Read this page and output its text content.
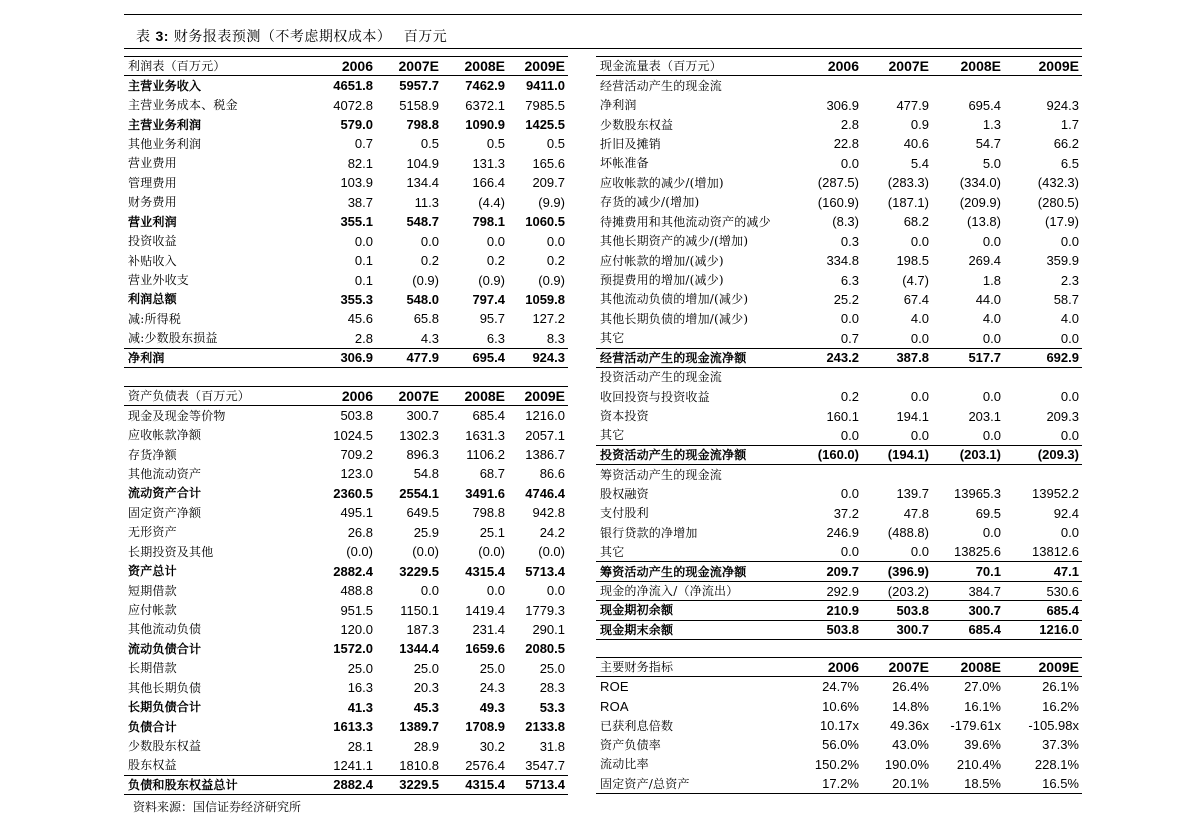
表 3: 财务报表预测（不考虑期权成本）　 百万元
利润表（百万元）	2006	2007E	2008E	2009E
主营业务收入	4651.8	5957.7	7462.9	9411.0
主营业务成本、税金	4072.8	5158.9	6372.1	7985.5
主营业务利润	579.0	798.8	1090.9	1425.5
其他业务利润	0.7	0.5	0.5	0.5
营业费用	82.1	104.9	131.3	165.6
管理费用	103.9	134.4	166.4	209.7
财务费用	38.7	11.3	(4.4)	(9.9)
营业利润	355.1	548.7	798.1	1060.5
投资收益	0.0	0.0	0.0	0.0
补贴收入	0.1	0.2	0.2	0.2
营业外收支	0.1	(0.9)	(0.9)	(0.9)
利润总额	355.3	548.0	797.4	1059.8
减:所得税	45.6	65.8	95.7	127.2
减:少数股东损益	2.8	4.3	6.3	8.3
净利润	306.9	477.9	695.4	924.3
资产负债表（百万元）	2006	2007E	2008E	2009E
现金及现金等价物	503.8	300.7	685.4	1216.0
应收帐款净额	1024.5	1302.3	1631.3	2057.1
存货净额	709.2	896.3	1106.2	1386.7
其他流动资产	123.0	54.8	68.7	86.6
流动资产合计	2360.5	2554.1	3491.6	4746.4
固定资产净额	495.1	649.5	798.8	942.8
无形资产	26.8	25.9	25.1	24.2
长期投资及其他	(0.0)	(0.0)	(0.0)	(0.0)
资产总计	2882.4	3229.5	4315.4	5713.4
短期借款	488.8	0.0	0.0	0.0
应付帐款	951.5	1150.1	1419.4	1779.3
其他流动负债	120.0	187.3	231.4	290.1
流动负债合计	1572.0	1344.4	1659.6	2080.5
长期借款	25.0	25.0	25.0	25.0
其他长期负债	16.3	20.3	24.3	28.3
长期负债合计	41.3	45.3	49.3	53.3
负债合计	1613.3	1389.7	1708.9	2133.8
少数股东权益	28.1	28.9	30.2	31.8
股东权益	1241.1	1810.8	2576.4	3547.7
负债和股东权益总计	2882.4	3229.5	4315.4	5713.4
现金流量表（百万元）	2006	2007E	2008E	2009E
经营活动产生的现金流				
净利润	306.9	477.9	695.4	924.3
少数股东权益	2.8	0.9	1.3	1.7
折旧及摊销	22.8	40.6	54.7	66.2
坏帐准备	0.0	5.4	5.0	6.5
应收帐款的减少/(增加)	(287.5)	(283.3)	(334.0)	(432.3)
存货的减少/(增加)	(160.9)	(187.1)	(209.9)	(280.5)
待摊费用和其他流动资产的减少	(8.3)	68.2	(13.8)	(17.9)
其他长期资产的减少/(增加)	0.3	0.0	0.0	0.0
应付帐款的增加/(减少)	334.8	198.5	269.4	359.9
预提费用的增加/(减少)	6.3	(4.7)	1.8	2.3
其他流动负债的增加/(减少)	25.2	67.4	44.0	58.7
其他长期负债的增加/(减少)	0.0	4.0	4.0	4.0
其它	0.7	0.0	0.0	0.0
经营活动产生的现金流净额	243.2	387.8	517.7	692.9
投资活动产生的现金流				
收回投资与投资收益	0.2	0.0	0.0	0.0
资本投资	160.1	194.1	203.1	209.3
其它	0.0	0.0	0.0	0.0
投资活动产生的现金流净额	(160.0)	(194.1)	(203.1)	(209.3)
筹资活动产生的现金流				
股权融资	0.0	139.7	13965.3	13952.2
支付股利	37.2	47.8	69.5	92.4
银行贷款的净增加	246.9	(488.8)	0.0	0.0
其它	0.0	0.0	13825.6	13812.6
筹资活动产生的现金流净额	209.7	(396.9)	70.1	47.1
现金的净流入/（净流出）	292.9	(203.2)	384.7	530.6
现金期初余额	210.9	503.8	300.7	685.4
现金期末余额	503.8	300.7	685.4	1216.0
主要财务指标	2006	2007E	2008E	2009E
ROE	24.7%	26.4%	27.0%	26.1%
ROA	10.6%	14.8%	16.1%	16.2%
已获利息倍数	10.17x	49.36x	-179.61x	-105.98x
资产负债率	56.0%	43.0%	39.6%	37.3%
流动比率	150.2%	190.0%	210.4%	228.1%
固定资产/总资产	17.2%	20.1%	18.5%	16.5%
资料来源：国信证券经济研究所
